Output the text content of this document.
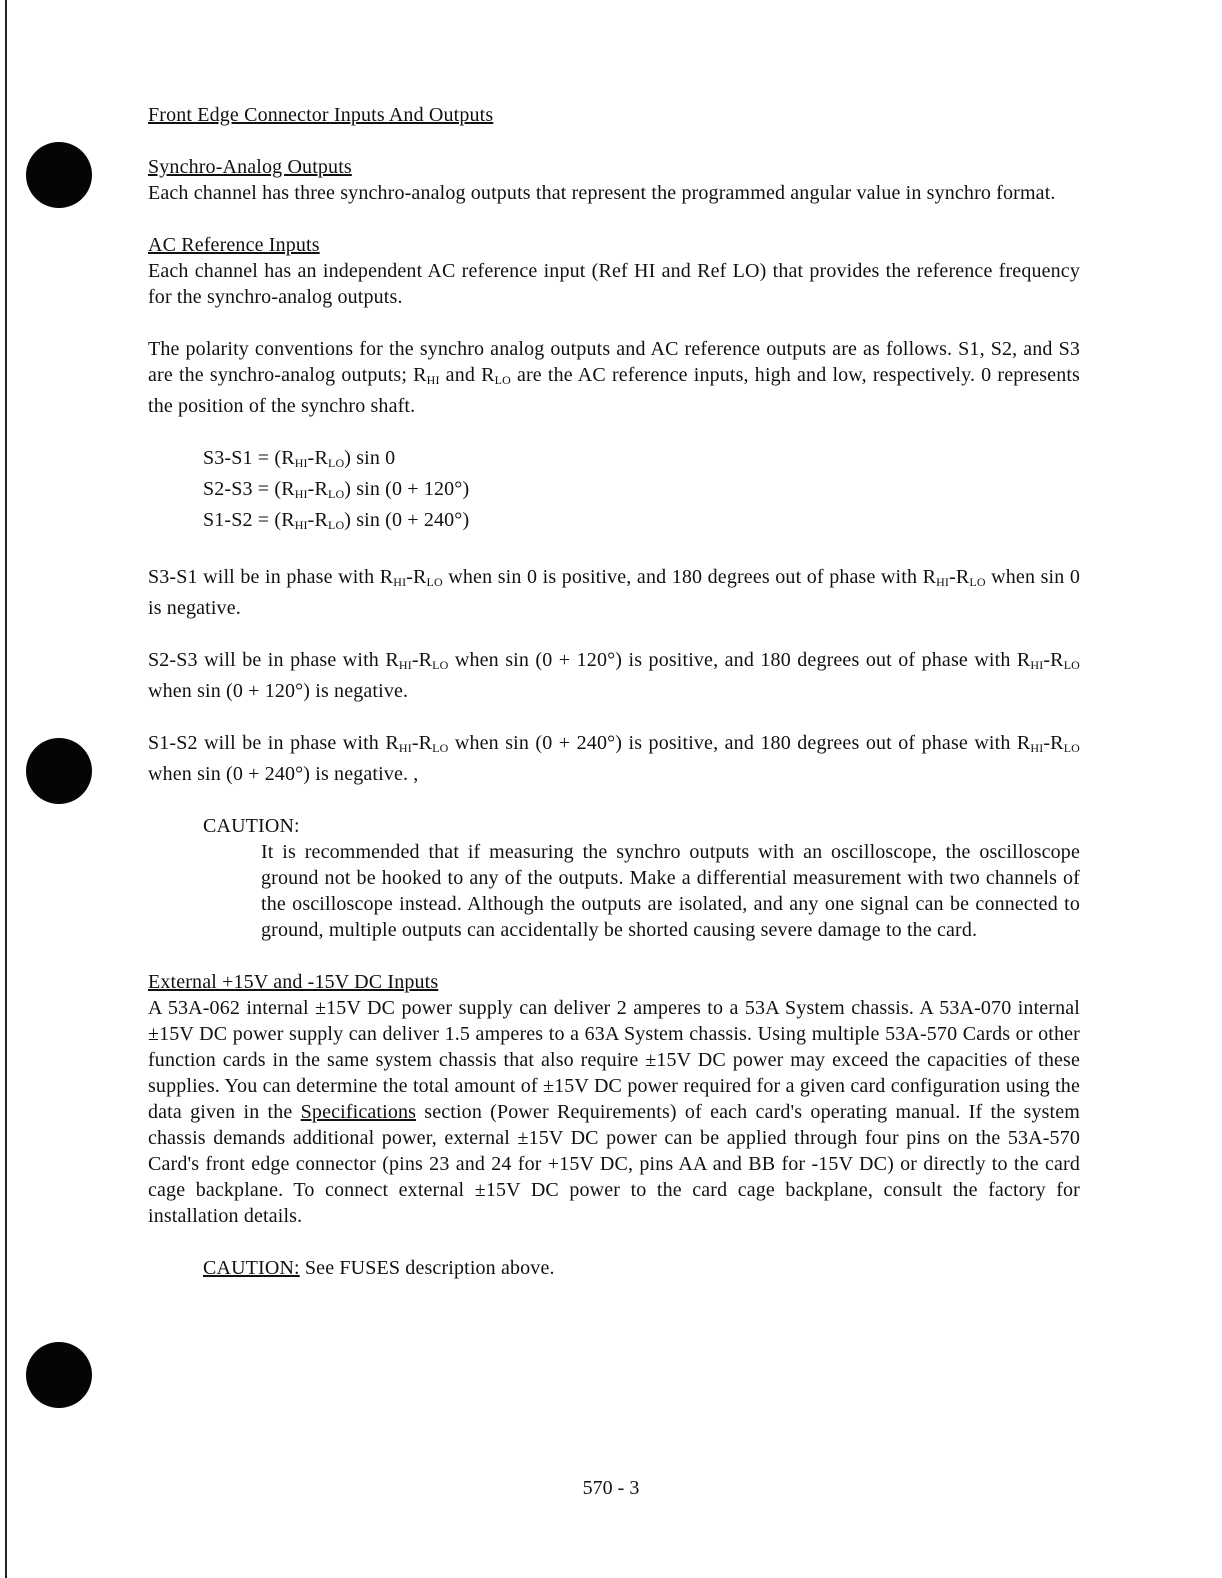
Front Edge Connector Inputs And Outputs
Synchro-Analog Outputs

Each channel has three synchro-analog outputs that represent the programmed angular value in synchro format.

AC Reference Inputs

Each channel has an independent AC reference input (Ref HI and Ref LO) that provides the reference frequency for the synchro-analog outputs.

The polarity conventions for the synchro analog outputs and AC reference outputs are as follows. S1, S2, and S3 are the synchro-analog outputs; $R_{HI}$ and $R_{LO}$ are the AC reference inputs, high and low, respectively. 0 represents the position of the synchro shaft.

$S3-S1 = (R_{HI}-R_{LO})$ sin 0
$S2-S3 = (R_{HI}-R_{LO})$ sin (0 + 120°)
$S1-S2 = (R_{HI}-R_{LO})$ sin (0 + 240°)

S3-S1 will be in phase with $R_{HI}-R_{LO}$ when sin 0 is positive, and 180 degrees out of phase with $R_{HI}-R_{LO}$ when sin 0 is negative.

S2-S3 will be in phase with $R_{HI}-R_{LO}$ when sin (0 + 120°) is positive, and 180 degrees out of phase with $R_{HI}-R_{LO}$ when sin (0 + 120°) is negative.

S1-S2 will be in phase with $R_{HI}-R_{LO}$ when sin (0 + 240°) is positive, and 180 degrees out of phase with $R_{HI}-R_{LO}$ when sin (0 + 240°) is negative. ,

CAUTION:

It is recommended that if measuring the synchro outputs with an oscilloscope, the oscilloscope ground not be hooked to any of the outputs. Make a differential measurement with two channels of the oscilloscope instead. Although the outputs are isolated, and any one signal can be connected to ground, multiple outputs can accidentally be shorted causing severe damage to the card.

External +15V and -15V DC Inputs

A 53A-062 internal ±15V DC power supply can deliver 2 amperes to a 53A System chassis. A 53A-070 internal ±15V DC power supply can deliver 1.5 amperes to a 63A System chassis. Using multiple 53A-570 Cards or other function cards in the same system chassis that also require ±15V DC power may exceed the capacities of these supplies. You can determine the total amount of ±15V DC power required for a given card configuration using the data given in the Specifications section (Power Requirements) of each card's operating manual. If the system chassis demands additional power, external ±15V DC power can be applied through four pins on the 53A-570 Card's front edge connector (pins 23 and 24 for +15V DC, pins AA and BB for -15V DC) or directly to the card cage backplane. To connect external ±15V DC power to the card cage backplane, consult the factory for installation details.

CAUTION: See FUSES description above.
570 - 3
